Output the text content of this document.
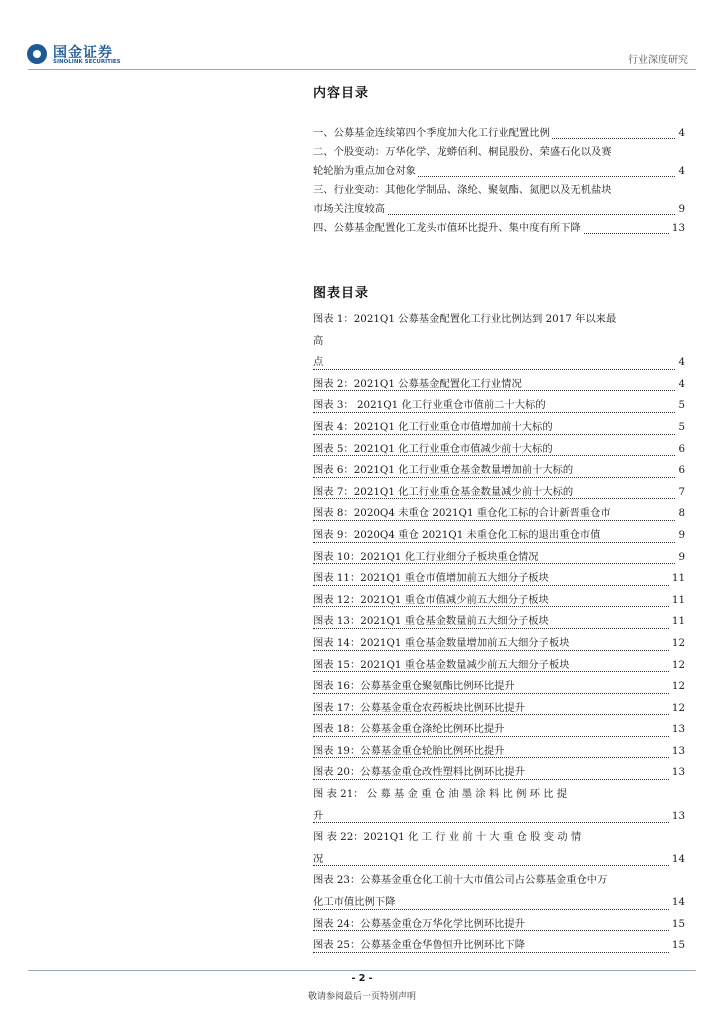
国金证券
SINOLINK SECURITIES	行业深度研究
内容目录
一、公募基金连续第四个季度加大化工行业配置比例	4
二、个股变动：万华化学、龙蟒佰利、桐昆股份、荣盛石化以及赛
轮轮胎为重点加仓对象	4
三、行业变动：其他化学制品、涤纶、聚氨酯、氮肥以及无机盐块
市场关注度较高	9
四、公募基金配置化工龙头市值环比提升、集中度有所下降	13
图表目录
图表 1：2021Q1 公募基金配置化工行业比例达到 2017 年以来最
高
点	4
图表 2：2021Q1 公募基金配置化工行业情况	4
图表 3： 2021Q1 化工行业重仓市值前二十大标的	5
图表 4：2021Q1 化工行业重仓市值增加前十大标的	5
图表 5：2021Q1 化工行业重仓市值减少前十大标的	6
图表 6：2021Q1 化工行业重仓基金数量增加前十大标的	6
图表 7：2021Q1 化工行业重仓基金数量减少前十大标的	7
图表 8：2020Q4 未重仓 2021Q1 重仓化工标的合计新晋重仓市	8
图表 9：2020Q4 重仓 2021Q1 未重仓化工标的退出重仓市值	9
图表 10：2021Q1 化工行业细分子板块重仓情况	9
图表 11：2021Q1 重仓市值增加前五大细分子板块	11
图表 12：2021Q1 重仓市值减少前五大细分子板块	11
图表 13：2021Q1 重仓基金数量前五大细分子板块	11
图表 14：2021Q1 重仓基金数量增加前五大细分子板块	12
图表 15：2021Q1 重仓基金数量减少前五大细分子板块	12
图表 16：公募基金重仓聚氨酯比例环比提升	12
图表 17：公募基金重仓农药板块比例环比提升	12
图表 18：公募基金重仓涤纶比例环比提升	13
图表 19：公募基金重仓轮胎比例环比提升	13
图表 20：公募基金重仓改性塑料比例环比提升	13
图 表 21： 公 募 基 金 重 仓 油 墨 涂 料 比 例 环 比 提
升	13
图 表 22：2021Q1 化 工 行 业 前 十 大 重 仓 股 变 动 情
况	14
图表 23：公募基金重仓化工前十大市值公司占公募基金重仓中万
化工市值比例下降	14
图表 24：公募基金重仓万华化学比例环比提升	15
图表 25：公募基金重仓华鲁恒升比例环比下降	15
- 2 -
敬请参阅最后一页特别声明
